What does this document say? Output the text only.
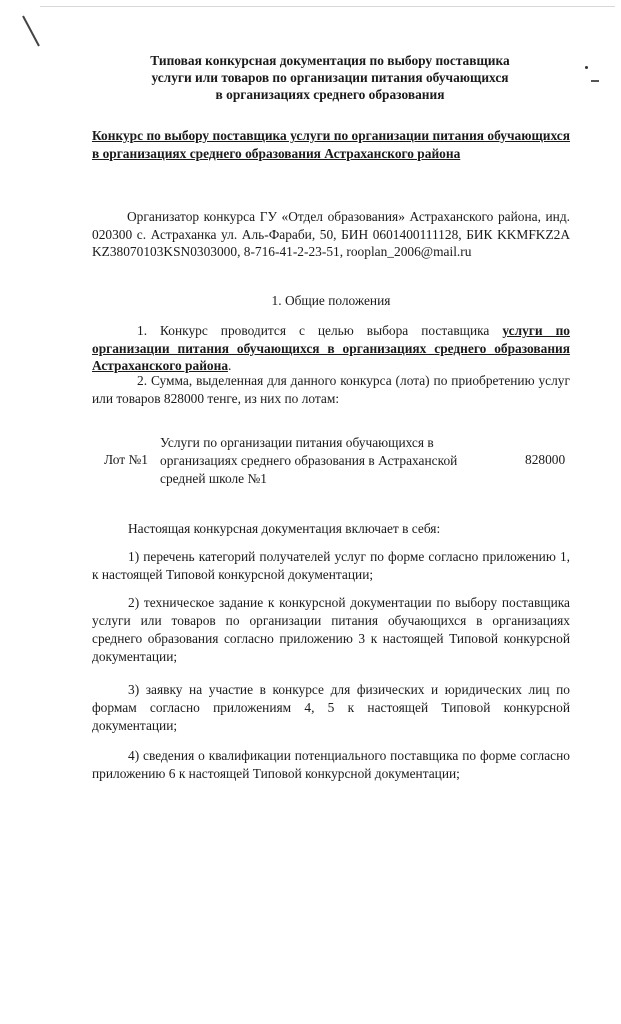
Типовая конкурсная документация по выбору поставщика
услуги или товаров по организации питания обучающихся
в организациях среднего образования
Конкурс по выбору поставщика услуги по организации питания обучающихся в организациях среднего образования Астраханского района
Организатор конкурса ГУ «Отдел образования» Астраханского района, инд. 020300 с. Астраханка ул. Аль-Фараби, 50, БИН 0601400111128, БИК KKMFKZ2A KZ38070103KSN0303000, 8-716-41-2-23-51, rooplan_2006@mail.ru
1. Общие положения
1. Конкурс проводится с целью выбора поставщика услуги по организации питания обучающихся в организациях среднего образования Астраханского района.
2. Сумма, выделенная для данного конкурса (лота) по приобретению услуг или товаров 828000 тенге, из них по лотам:
Лот №1
Услуги по организации питания обучающихся в организациях среднего образования в Астраханской средней школе №1
828000
Настоящая конкурсная документация включает в себя:
1) перечень категорий получателей услуг по форме согласно приложению 1, к настоящей Типовой конкурсной документации;
2) техническое задание к конкурсной документации по выбору поставщика услуги или товаров по организации питания обучающихся в организациях среднего образования согласно приложению 3 к настоящей Типовой конкурсной документации;
3) заявку на участие в конкурсе для физических и юридических лиц по формам согласно приложениям 4, 5 к настоящей Типовой конкурсной документации;
4) сведения о квалификации потенциального поставщика по форме согласно приложению 6 к настоящей Типовой конкурсной документации;
